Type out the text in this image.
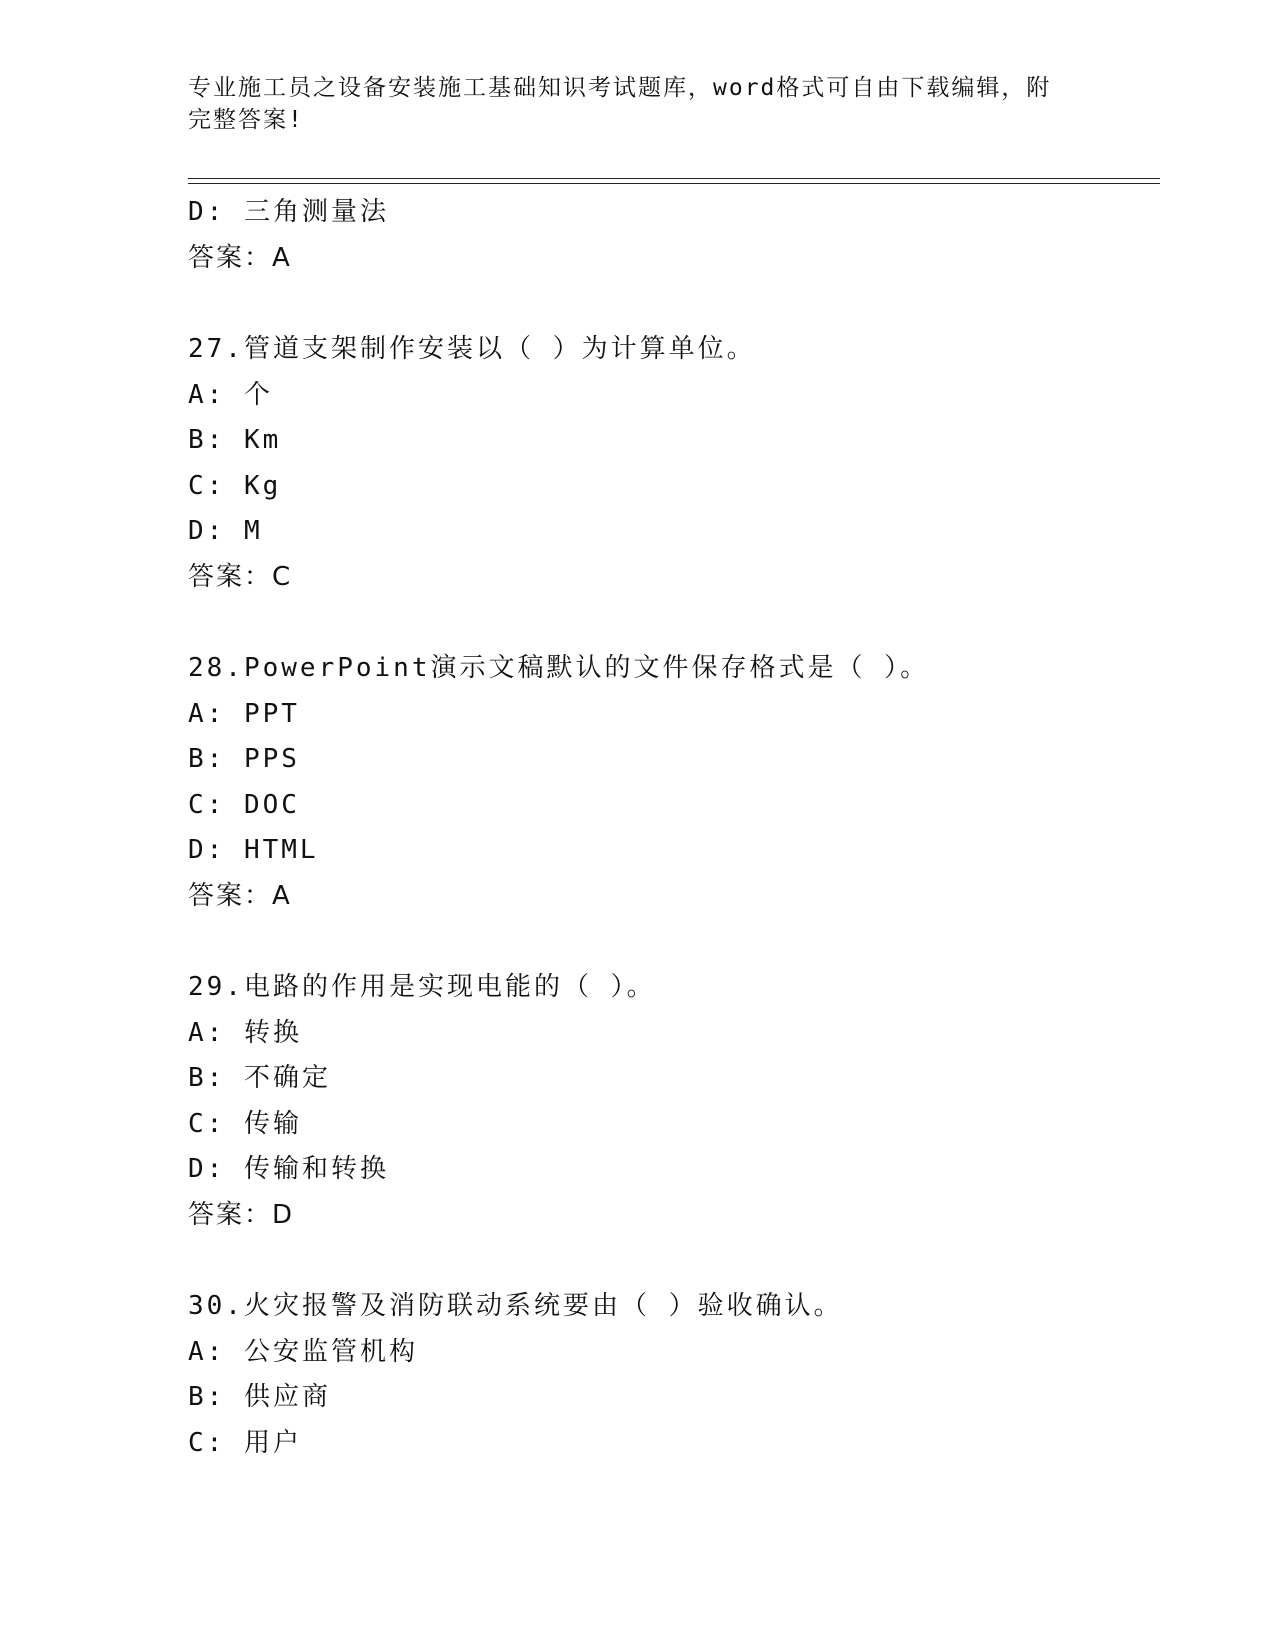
专业施工员之设备安装施工基础知识考试题库，word格式可自由下载编辑，附完整答案!
D: 三角测量法
答案：A
27.管道支架制作安装以（ ）为计算单位。
A: 个
B: Km
C: Kg
D: M
答案：C
28.PowerPoint演示文稿默认的文件保存格式是（ ）。
A: PPT
B: PPS
C: DOC
D: HTML
答案：A
29.电路的作用是实现电能的（ ）。
A: 转换
B: 不确定
C: 传输
D: 传输和转换
答案：D
30.火灾报警及消防联动系统要由（ ）验收确认。
A: 公安监管机构
B: 供应商
C: 用户
